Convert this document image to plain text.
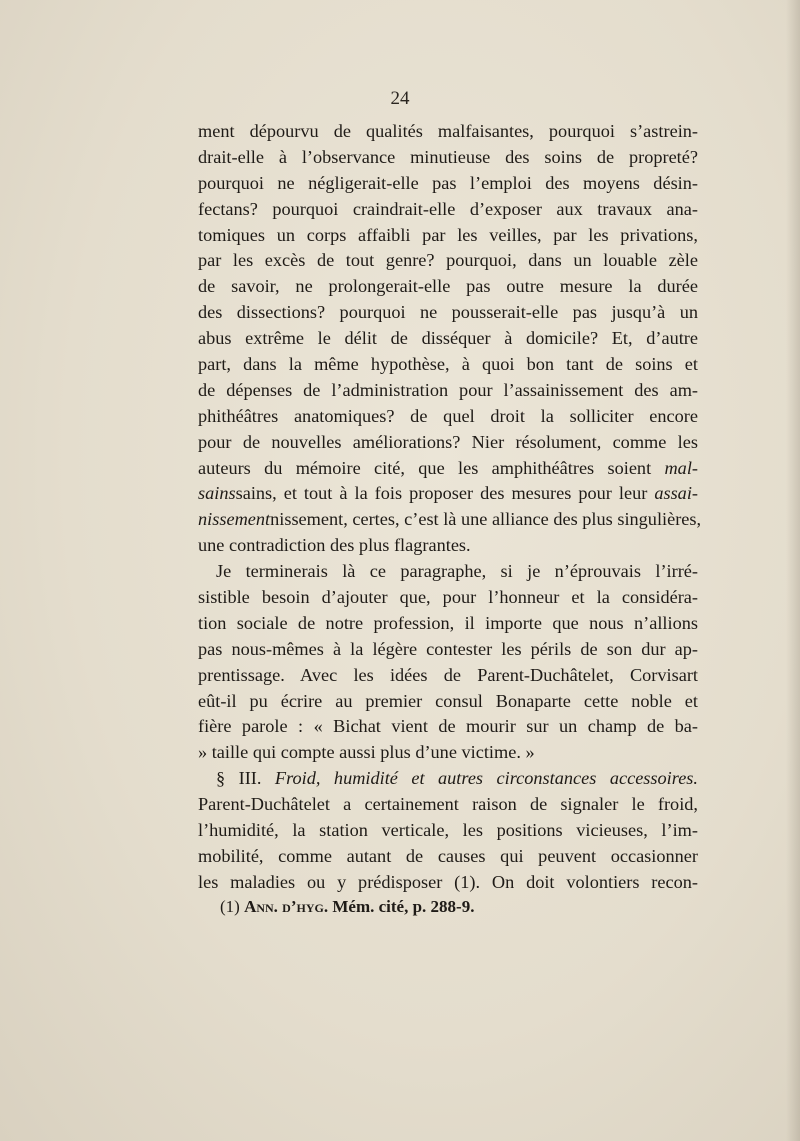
24
ment dépourvu de qualités malfaisantes, pourquoi s’astrein-
drait-elle à l’observance minutieuse des soins de propreté?
pourquoi ne négligerait-elle pas l’emploi des moyens désin-
fectans? pourquoi craindrait-elle d’exposer aux travaux ana-
tomiques un corps affaibli par les veilles, par les privations,
par les excès de tout genre? pourquoi, dans un louable zèle
de savoir, ne prolongerait-elle pas outre mesure la durée
des dissections? pourquoi ne pousserait-elle pas jusqu’à un
abus extrême le délit de disséquer à domicile? Et, d’autre
part, dans la même hypothèse, à quoi bon tant de soins et
de dépenses de l’administration pour l’assainissement des am-
phithéâtres anatomiques? de quel droit la solliciter encore
pour de nouvelles améliorations? Nier résolument, comme les
auteurs du mémoire cité, que les amphithéâtres soient mal-
sainssains, et tout à la fois proposer des mesures pour leur assai-
nissementnissement, certes, c’est là une alliance des plus singulières,
une contradiction des plus flagrantes.
Je terminerais là ce paragraphe, si je n’éprouvais l’irré-
sistible besoin d’ajouter que, pour l’honneur et la considéra-
tion sociale de notre profession, il importe que nous n’allions
pas nous-mêmes à la légère contester les périls de son dur ap-
prentissage. Avec les idées de Parent-Duchâtelet, Corvisart
eût-il pu écrire au premier consul Bonaparte cette noble et
fière parole : « Bichat vient de mourir sur un champ de ba-
» taille qui compte aussi plus d’une victime. »
§ III. Froid, humidité et autres circonstances accessoires.
Parent-Duchâtelet a certainement raison de signaler le froid,
l’humidité, la station verticale, les positions vicieuses, l’im-
mobilité, comme autant de causes qui peuvent occasionner
les maladies ou y prédisposer (1). On doit volontiers recon-
(1) Ann. d’hyg. Mém. cité, p. 288-9.
